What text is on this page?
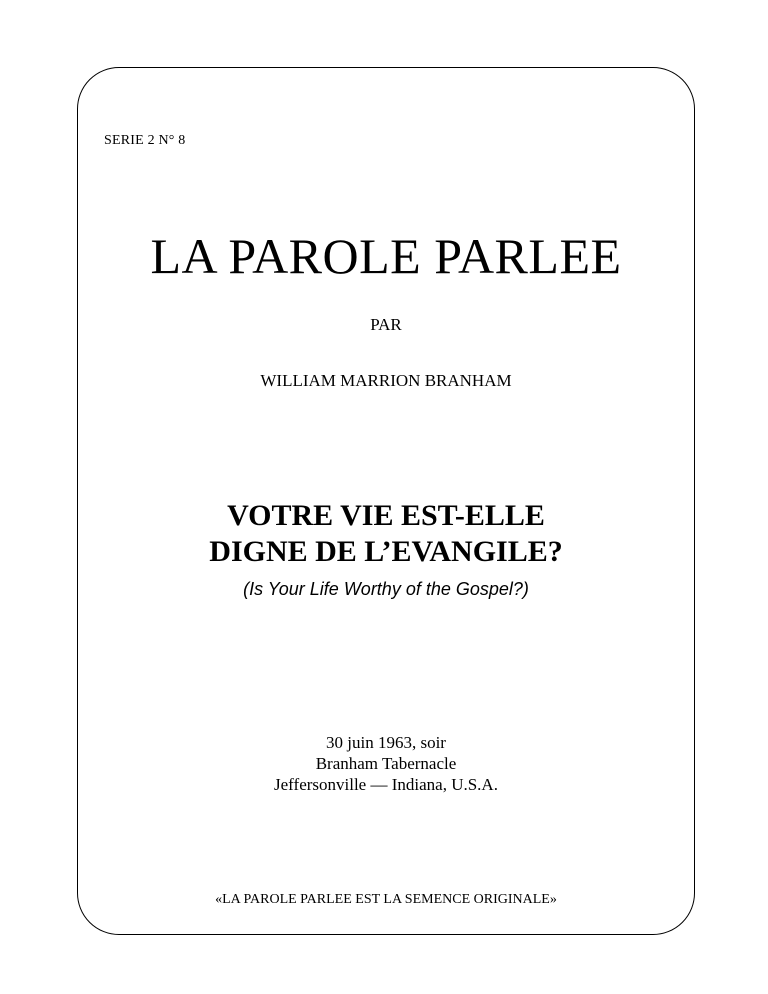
SERIE 2 N° 8
LA PAROLE PARLEE
PAR
WILLIAM MARRION BRANHAM
VOTRE VIE EST-ELLE
DIGNE DE L’EVANGILE?
(Is Your Life Worthy of the Gospel?)
30 juin 1963, soir
Branham Tabernacle
Jeffersonville — Indiana, U.S.A.
«LA PAROLE PARLEE EST LA SEMENCE ORIGINALE»
